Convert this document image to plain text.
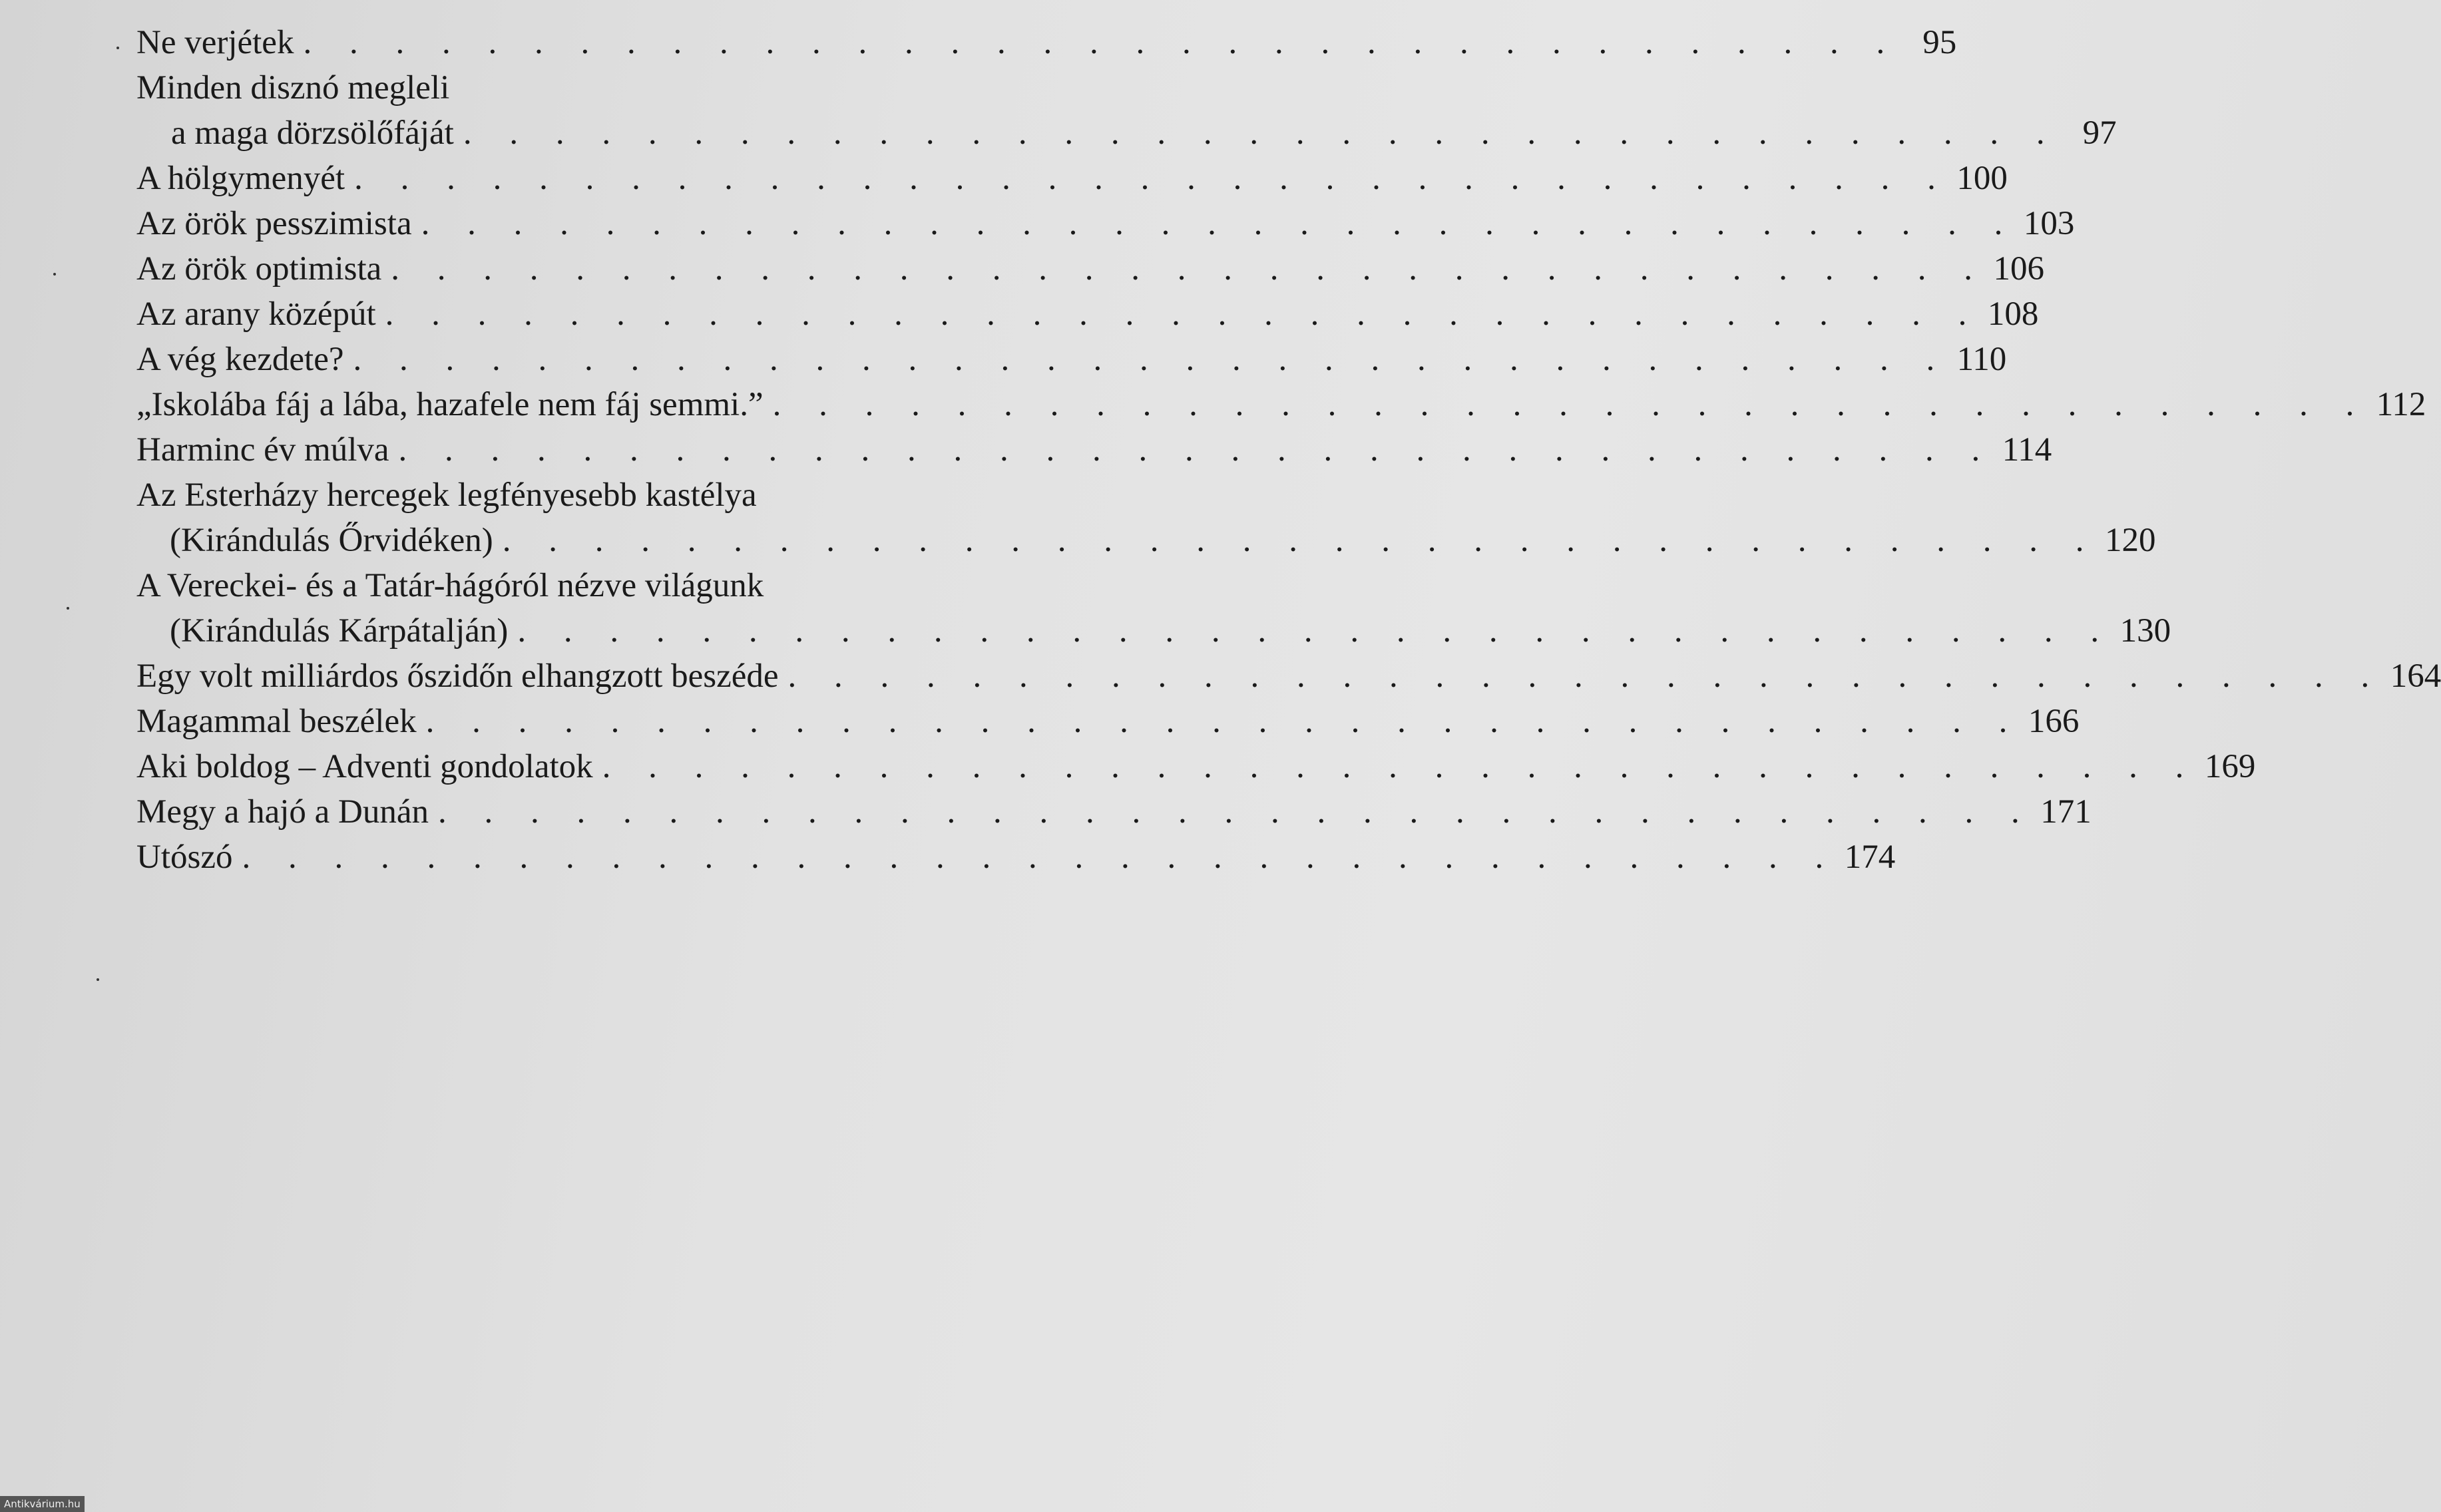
Ne verjétek . . . . . . . . . . . . . . . . . . . . . . . . . . . . . . . . . . . 95
Minden disznó megleli
a maga dörzsölőfáját . . . . . . . . . . . . . . . . . . . . . . . . . . . . . . . . . . . 97
A hölgymenyét . . . . . . . . . . . . . . . . . . . . . . . . . . . . . . . . . . . 100
Az örök pesszimista . . . . . . . . . . . . . . . . . . . . . . . . . . . . . . . . . . . 103
Az örök optimista . . . . . . . . . . . . . . . . . . . . . . . . . . . . . . . . . . . 106
Az arany középút . . . . . . . . . . . . . . . . . . . . . . . . . . . . . . . . . . . 108
A vég kezdete? . . . . . . . . . . . . . . . . . . . . . . . . . . . . . . . . . . . 110
„Iskolába fáj a lába, hazafele nem fáj semmi.” . . . . . . . . . . . . . . . . . . . . . . . . . . . . . . . . . . . 112
Harminc év múlva . . . . . . . . . . . . . . . . . . . . . . . . . . . . . . . . . . . 114
Az Esterházy hercegek legfényesebb kastélya
(Kirándulás Őrvidéken) . . . . . . . . . . . . . . . . . . . . . . . . . . . . . . . . . . . 120
A Vereckei- és a Tatár-hágóról nézve világunk
(Kirándulás Kárpátalján) . . . . . . . . . . . . . . . . . . . . . . . . . . . . . . . . . . . 130
Egy volt milliárdos őszidőn elhangzott beszéde . . . . . . . . . . . . . . . . . . . . . . . . . . . . . . . . . . . 164
Magammal beszélek . . . . . . . . . . . . . . . . . . . . . . . . . . . . . . . . . . . 166
Aki boldog – Adventi gondolatok . . . . . . . . . . . . . . . . . . . . . . . . . . . . . . . . . . . 169
Megy a hajó a Dunán . . . . . . . . . . . . . . . . . . . . . . . . . . . . . . . . . . . 171
Utószó . . . . . . . . . . . . . . . . . . . . . . . . . . . . . . . . . . . 174
Antikvárium.hu
